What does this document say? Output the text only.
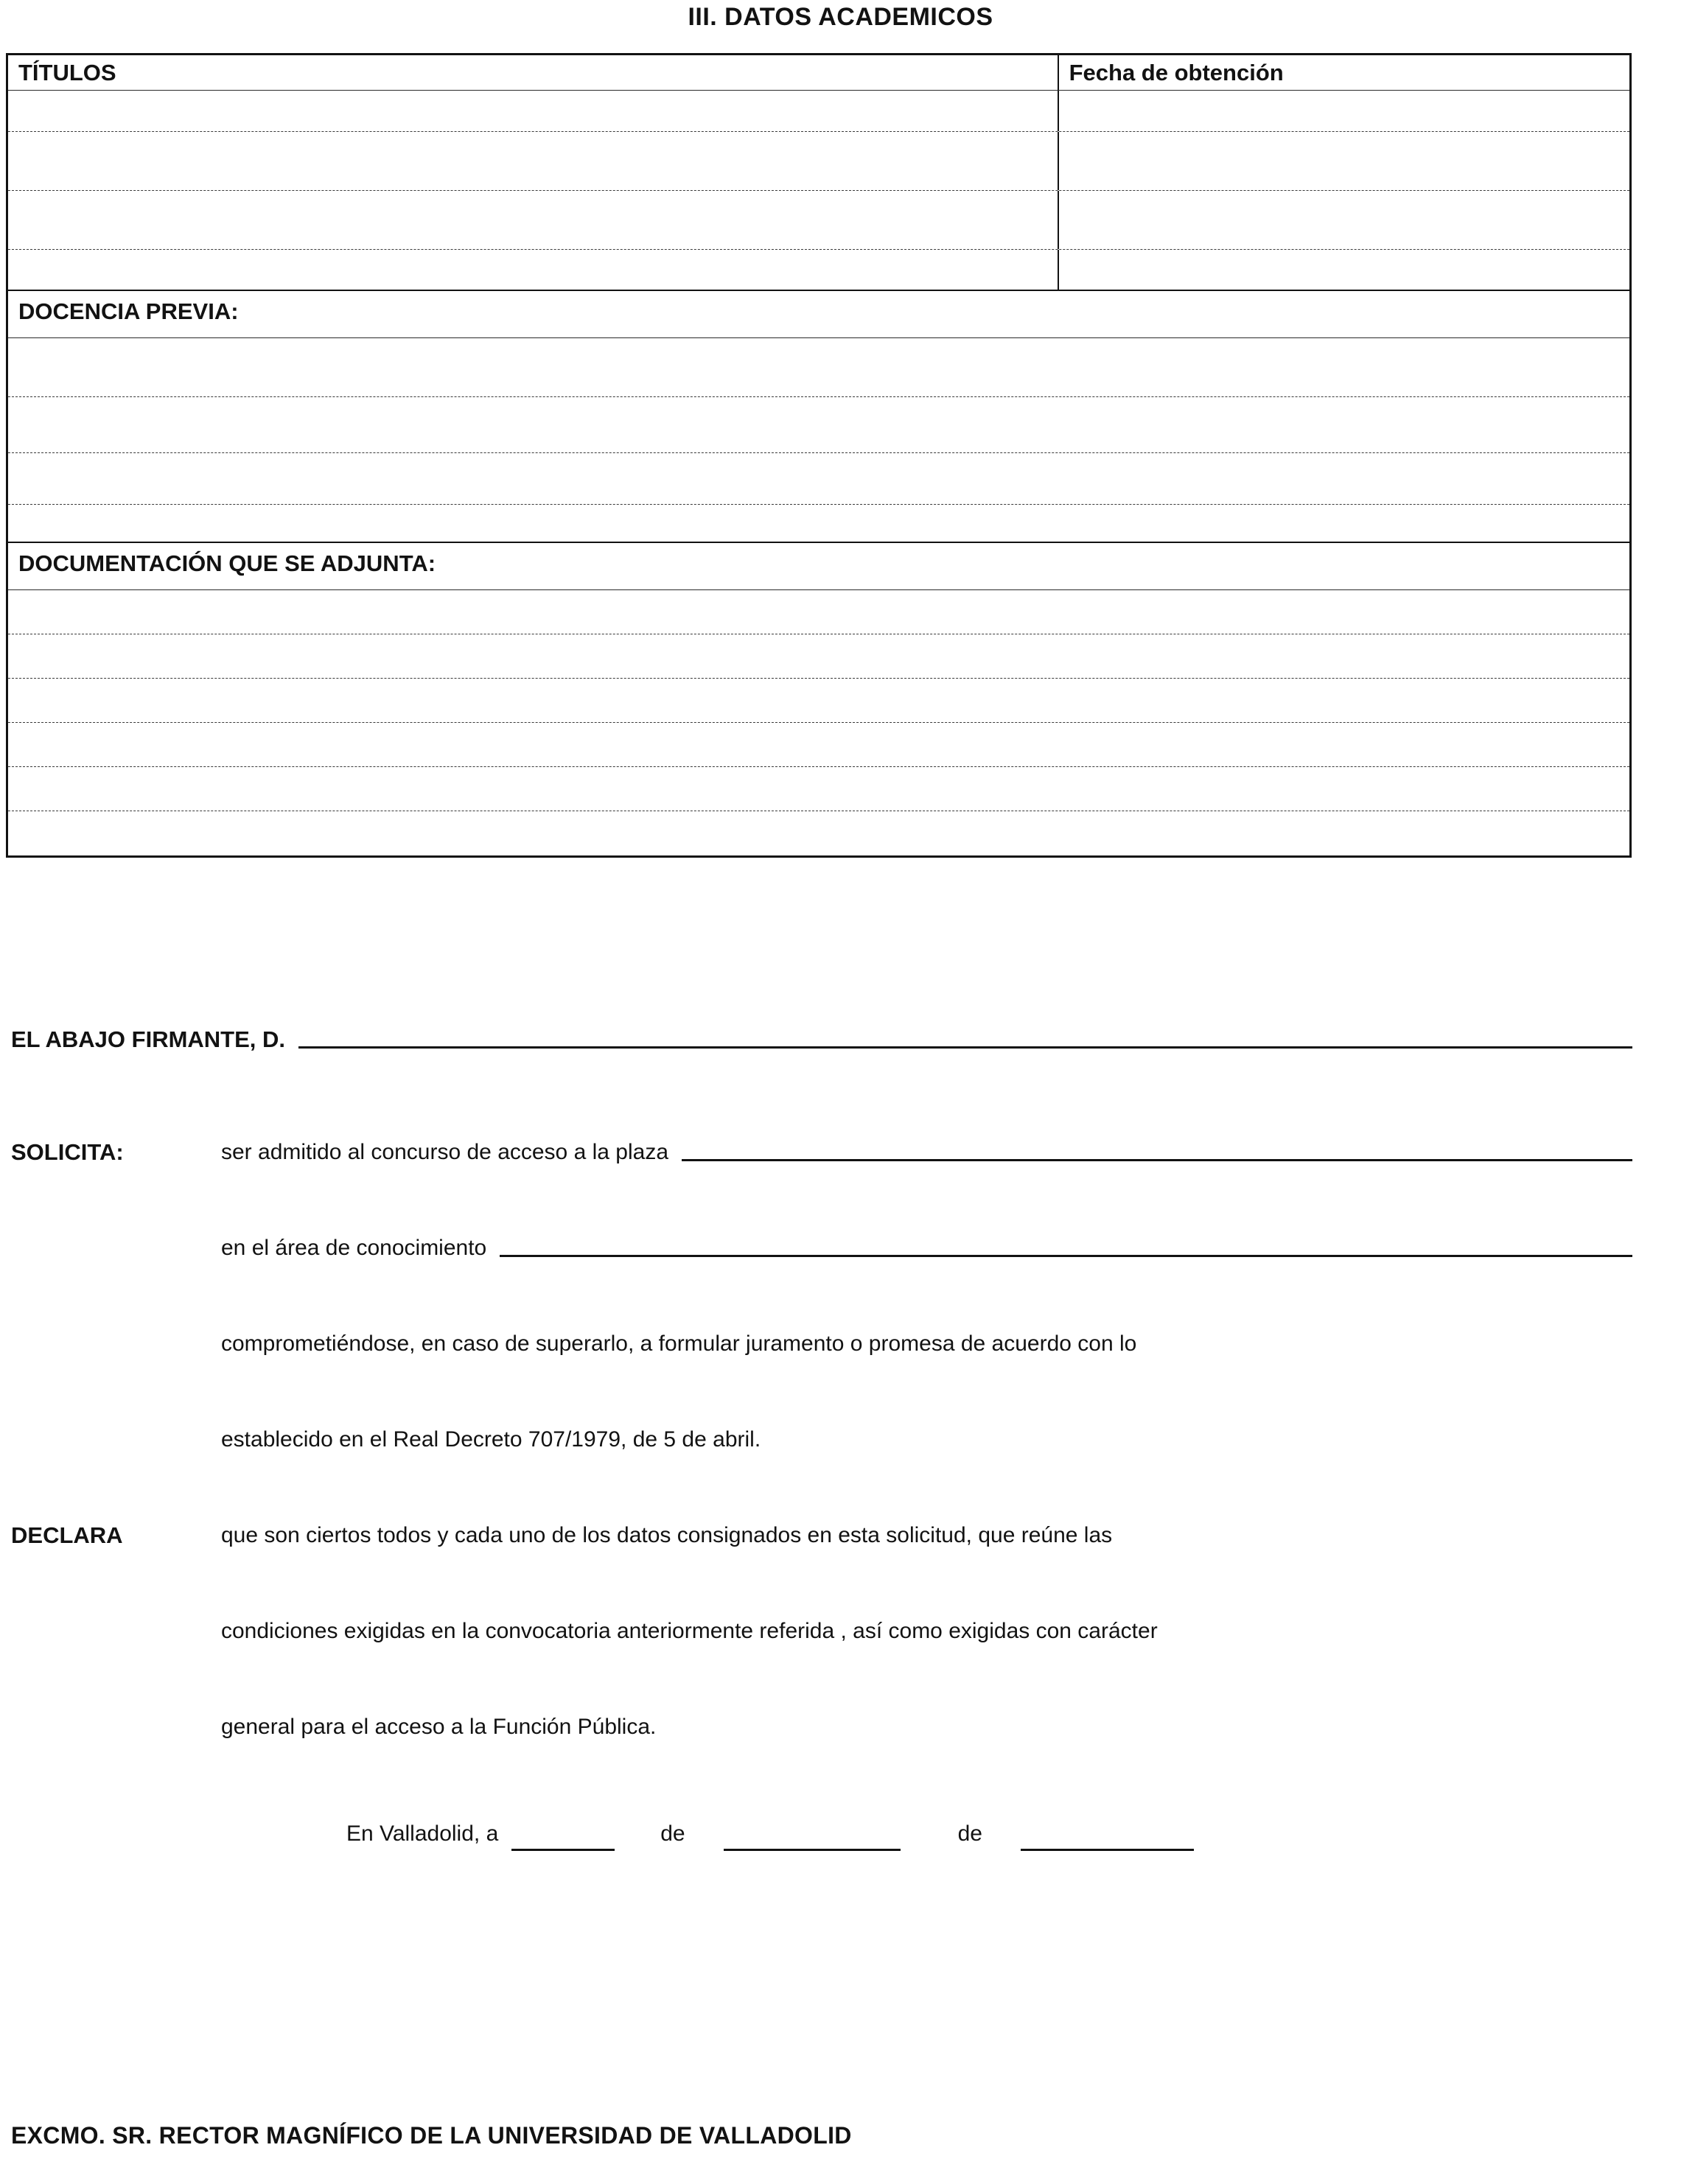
III. DATOS ACADEMICOS
TÍTULOS	Fecha de obtención
DOCENCIA PREVIA:
DOCUMENTACIÓN QUE SE ADJUNTA:
EL ABAJO FIRMANTE, D.
SOLICITA:	ser admitido al concurso de acceso a la plaza
en el área de conocimiento
comprometiéndose, en caso de superarlo, a formular juramento o promesa de acuerdo con lo
establecido en el Real Decreto 707/1979, de 5 de abril.
DECLARA	que son ciertos todos y cada uno de los datos consignados en esta solicitud, que reúne las
condiciones exigidas en la convocatoria anteriormente referida , así como exigidas con carácter
general para el acceso a la Función Pública.
En Valladolid, a	de	de
EXCMO. SR. RECTOR MAGNÍFICO DE LA UNIVERSIDAD DE VALLADOLID
